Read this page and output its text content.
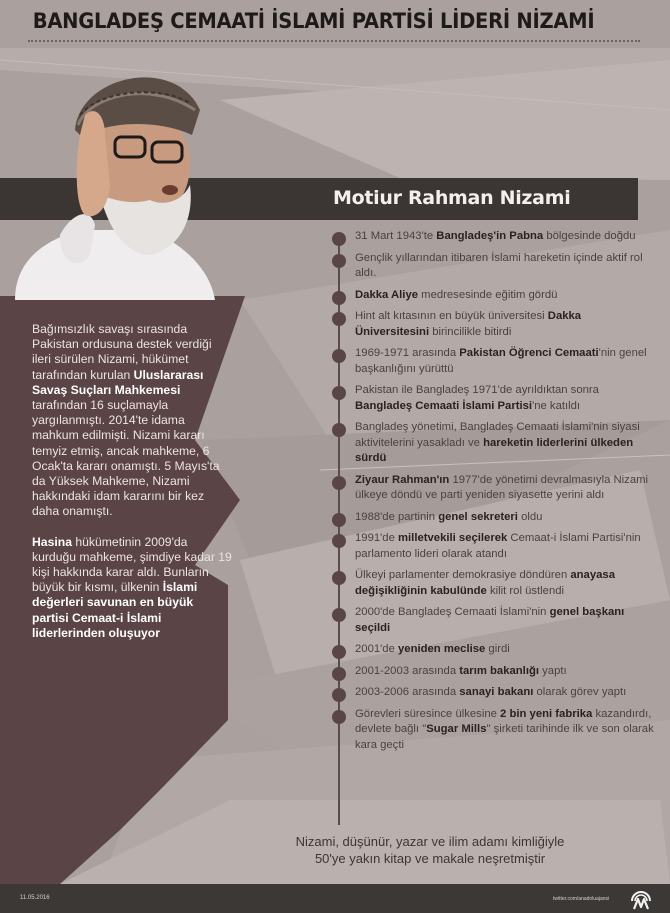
BANGLADEŞ CEMAATİ İSLAMİ PARTİSİ LİDERİ NİZAMİ
Motiur Rahman Nizami

Bağımsızlık savaşı sırasında Pakistan ordusuna destek verdiği ileri sürülen Nizami, hükümet tarafından kurulan Uluslararası Savaş Suçları Mahkemesi tarafından 16 suçlamayla yargılanmıştı. 2014'te idama mahkum edilmişti. Nizami kararı temyiz etmiş, ancak mahkeme, 6 Ocak'ta kararı onamıştı. 5 Mayıs'ta da Yüksek Mahkeme, Nizami hakkındaki idam kararını bir kez daha onamıştı.

Hasina hükümetinin 2009'da kurduğu mahkeme, şimdiye kadar 19 kişi hakkında karar aldı. Bunların büyük bir kısmı, ülkenin İslami değerleri savunan en büyük partisi Cemaat-i İslami liderlerinden oluşuyor

31 Mart 1943'te Bangladeş'in Pabna bölgesinde doğdu
Gençlik yıllarından itibaren İslami hareketin içinde aktif rol aldı.
Dakka Aliye medresesinde eğitim gördü
Hint alt kıtasının en büyük üniversitesi Dakka Üniversitesini birincilikle bitirdi
1969-1971 arasında Pakistan Öğrenci Cemaati'nin genel başkanlığını yürüttü
Pakistan ile Bangladeş 1971'de ayrıldıktan sonra Bangladeş Cemaati İslami Partisi'ne katıldı
Bangladeş yönetimi, Bangladeş Cemaati İslami'nin siyasi aktivitelerini yasakladı ve hareketin liderlerini ülkeden sürdü
Ziyaur Rahman'ın 1977'de yönetimi devralmasıyla Nizami ülkeye döndü ve parti yeniden siyasette yerini aldı
1988'de partinin genel sekreteri oldu
1991'de milletvekili seçilerek Cemaat-i İslami Partisi'nin parlamento lideri olarak atandı
Ülkeyi parlamenter demokrasiye döndüren anayasa değişikliğinin kabulünde kilit rol üstlendi
2000'de Bangladeş Cemaati İslami'nin genel başkanı seçildi
2001'de yeniden meclise girdi
2001-2003 arasında tarım bakanlığı yaptı
2003-2006 arasında sanayi bakanı olarak görev yaptı
Görevleri süresince ülkesine 2 bin yeni fabrika kazandırdı, devlete bağlı "Sugar Mills" şirketi tarihinde ilk ve son olarak kara geçti
Nizami, düşünür, yazar ve ilim adamı kimliğiyle
50'ye yakın kitap ve makale neşretmiştir
11.05.2016	twitter.com/anadoluajansi
